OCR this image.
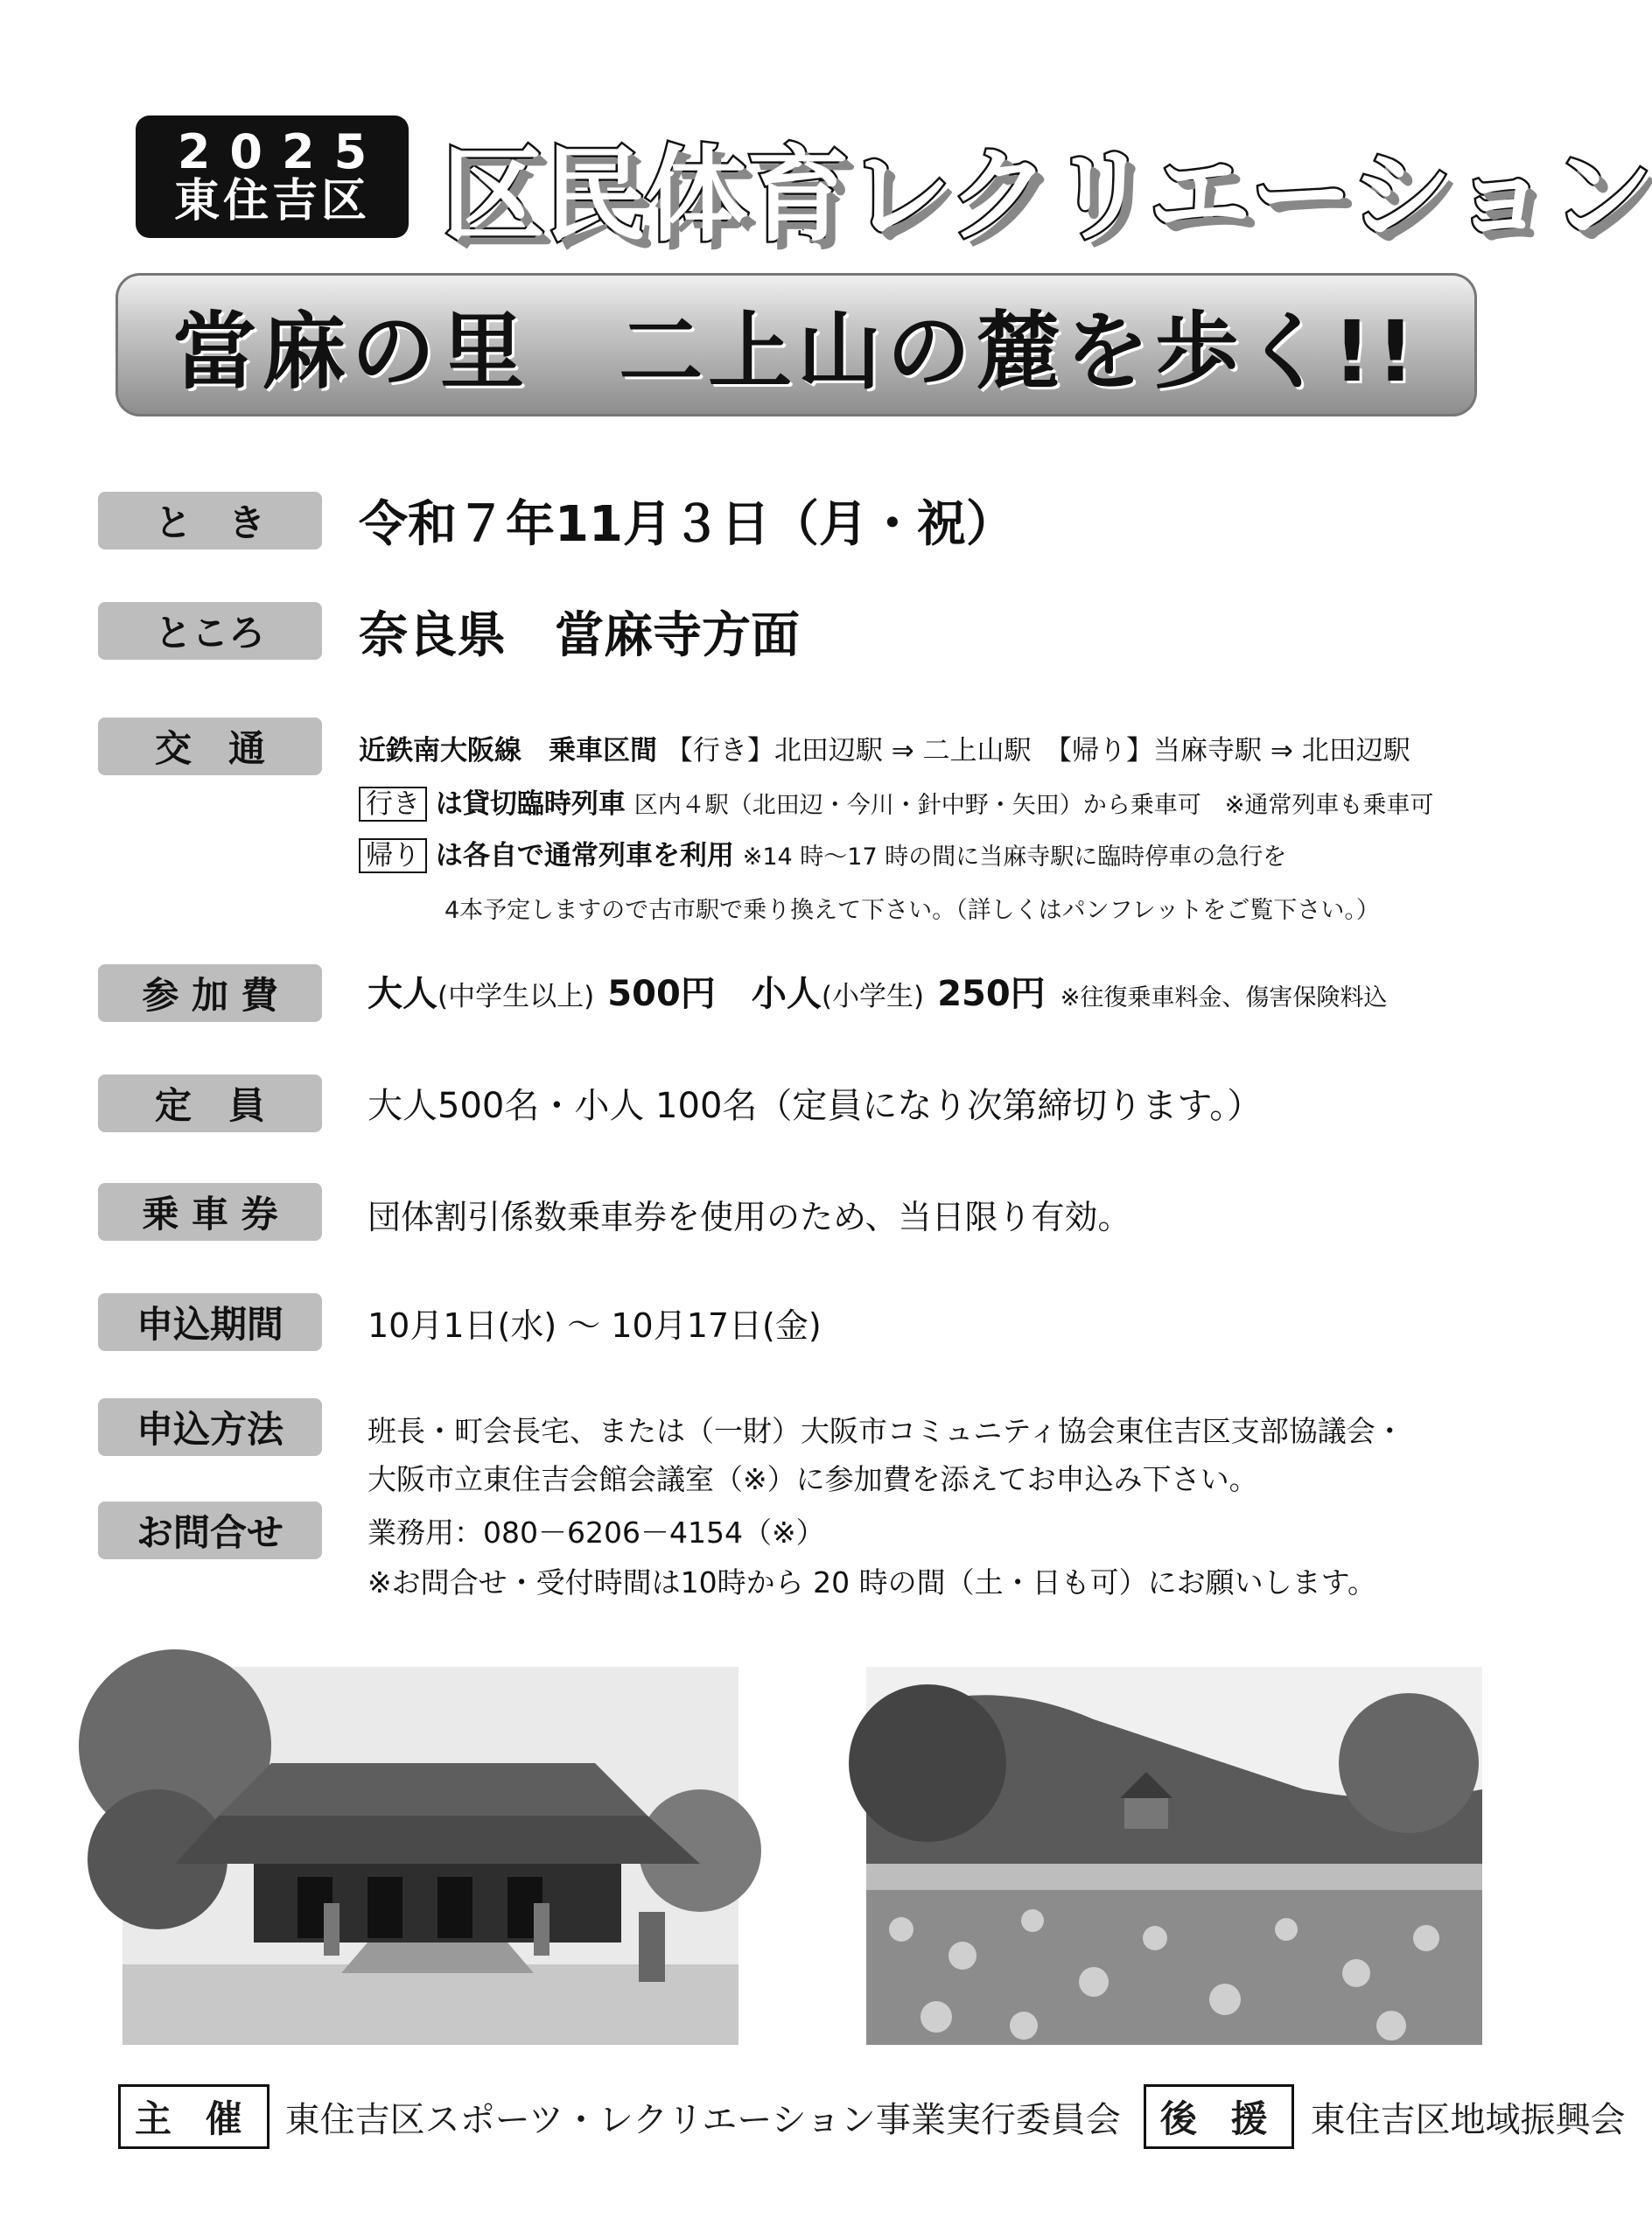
2025
東住吉区 区民体育レクリエーション
當麻の里　二上山の麓を歩く!!
と　き	令和７年11月３日（月・祝）
ところ	奈良県　當麻寺方面
交　通	近鉄南大阪線　乗車区間 【行き】北田辺駅 ⇒ 二上山駅　【帰り】当麻寺駅 ⇒ 北田辺駅
行き は貸切臨時列車 区内４駅（北田辺・今川・針中野・矢田）から乗車可　※通常列車も乗車可
帰り は各自で通常列車を利用 ※14 時～17 時の間に当麻寺駅に臨時停車の急行を
4本予定しますので古市駅で乗り換えて下さい。（詳しくはパンフレットをご覧下さい。）
参 加 費	大人(中学生以上) 500円 小人(小学生) 250円 ※往復乗車料金、傷害保険料込
定　員	大人500名・小人 100名（定員になり次第締切ります。）
乗 車 券	団体割引係数乗車券を使用のため、当日限り有効。
申込期間	10月1日(水) ～ 10月17日(金)
申込方法	班長・町会長宅、または（一財）大阪市コミュニティ協会東住吉区支部協議会・
大阪市立東住吉会館会議室（※）に参加費を添えてお申込み下さい。
お問合せ	業務用：080－6206－4154（※）
※お問合せ・受付時間は10時から 20 時の間（土・日も可）にお願いします。
主 催 東住吉区スポーツ・レクリエーション事業実行委員会	後 援 東住吉区地域振興会
